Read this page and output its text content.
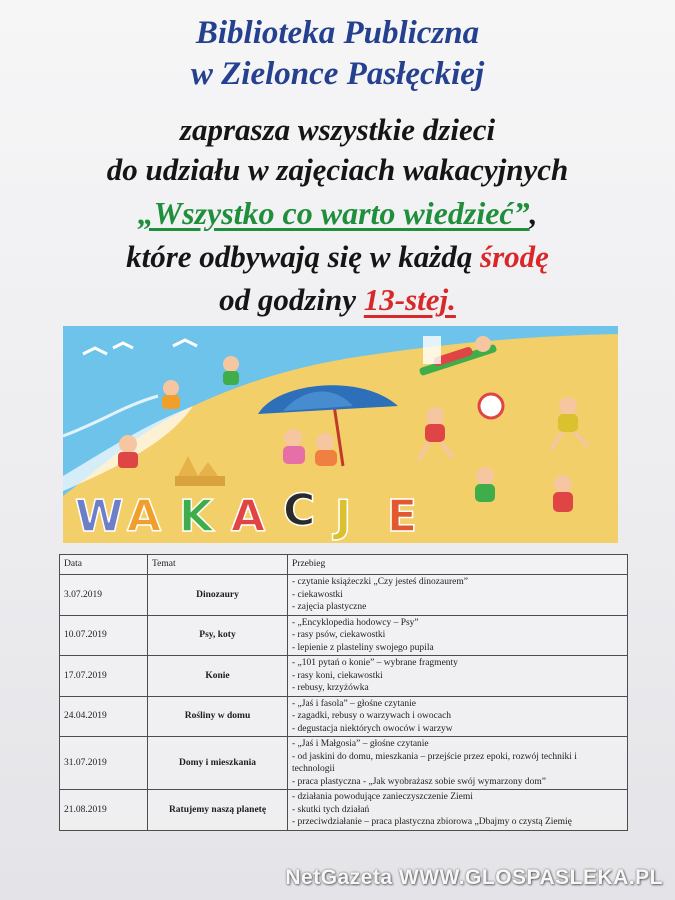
Biblioteka Publiczna
w Zielonce Pasłęckiej
zaprasza wszystkie dzieci
do udziału w zajęciach wakacyjnych
„Wszystko co warto wiedzieć”,
które odbywają się w każdą środę
od godziny 13-stej.
W A K A C J E
Data	Temat	Przebieg
3.07.2019	Dinozaury	- czytanie książeczki „Czy jesteś dinozaurem”
- ciekawostki
- zajęcia plastyczne

10.07.2019	Psy, koty	- „Encyklopedia hodowcy – Psy”
- rasy psów, ciekawostki
- lepienie z plasteliny swojego pupila

17.07.2019	Konie	- „101 pytań o konie” – wybrane fragmenty
- rasy koni, ciekawostki
- rebusy, krzyżówka

24.04.2019	Rośliny w domu	- „Jaś i fasola” – głośne czytanie
- zagadki, rebusy o warzywach i owocach
- degustacja niektórych owoców i warzyw

31.07.2019	Domy i mieszkania	- „Jaś i Małgosia” – głośne czytanie
- od jaskini do domu, mieszkania – przejście przez epoki, rozwój techniki i
technologii
- praca plastyczna - „Jak wyobrażasz sobie swój wymarzony dom”

21.08.2019	Ratujemy naszą planetę	- działania powodujące zanieczyszczenie Ziemi
- skutki tych działań
- przeciwdziałanie – praca plastyczna zbiorowa „Dbajmy o czystą Ziemię
NetGazeta WWW.GLOSPASLEKA.PL
